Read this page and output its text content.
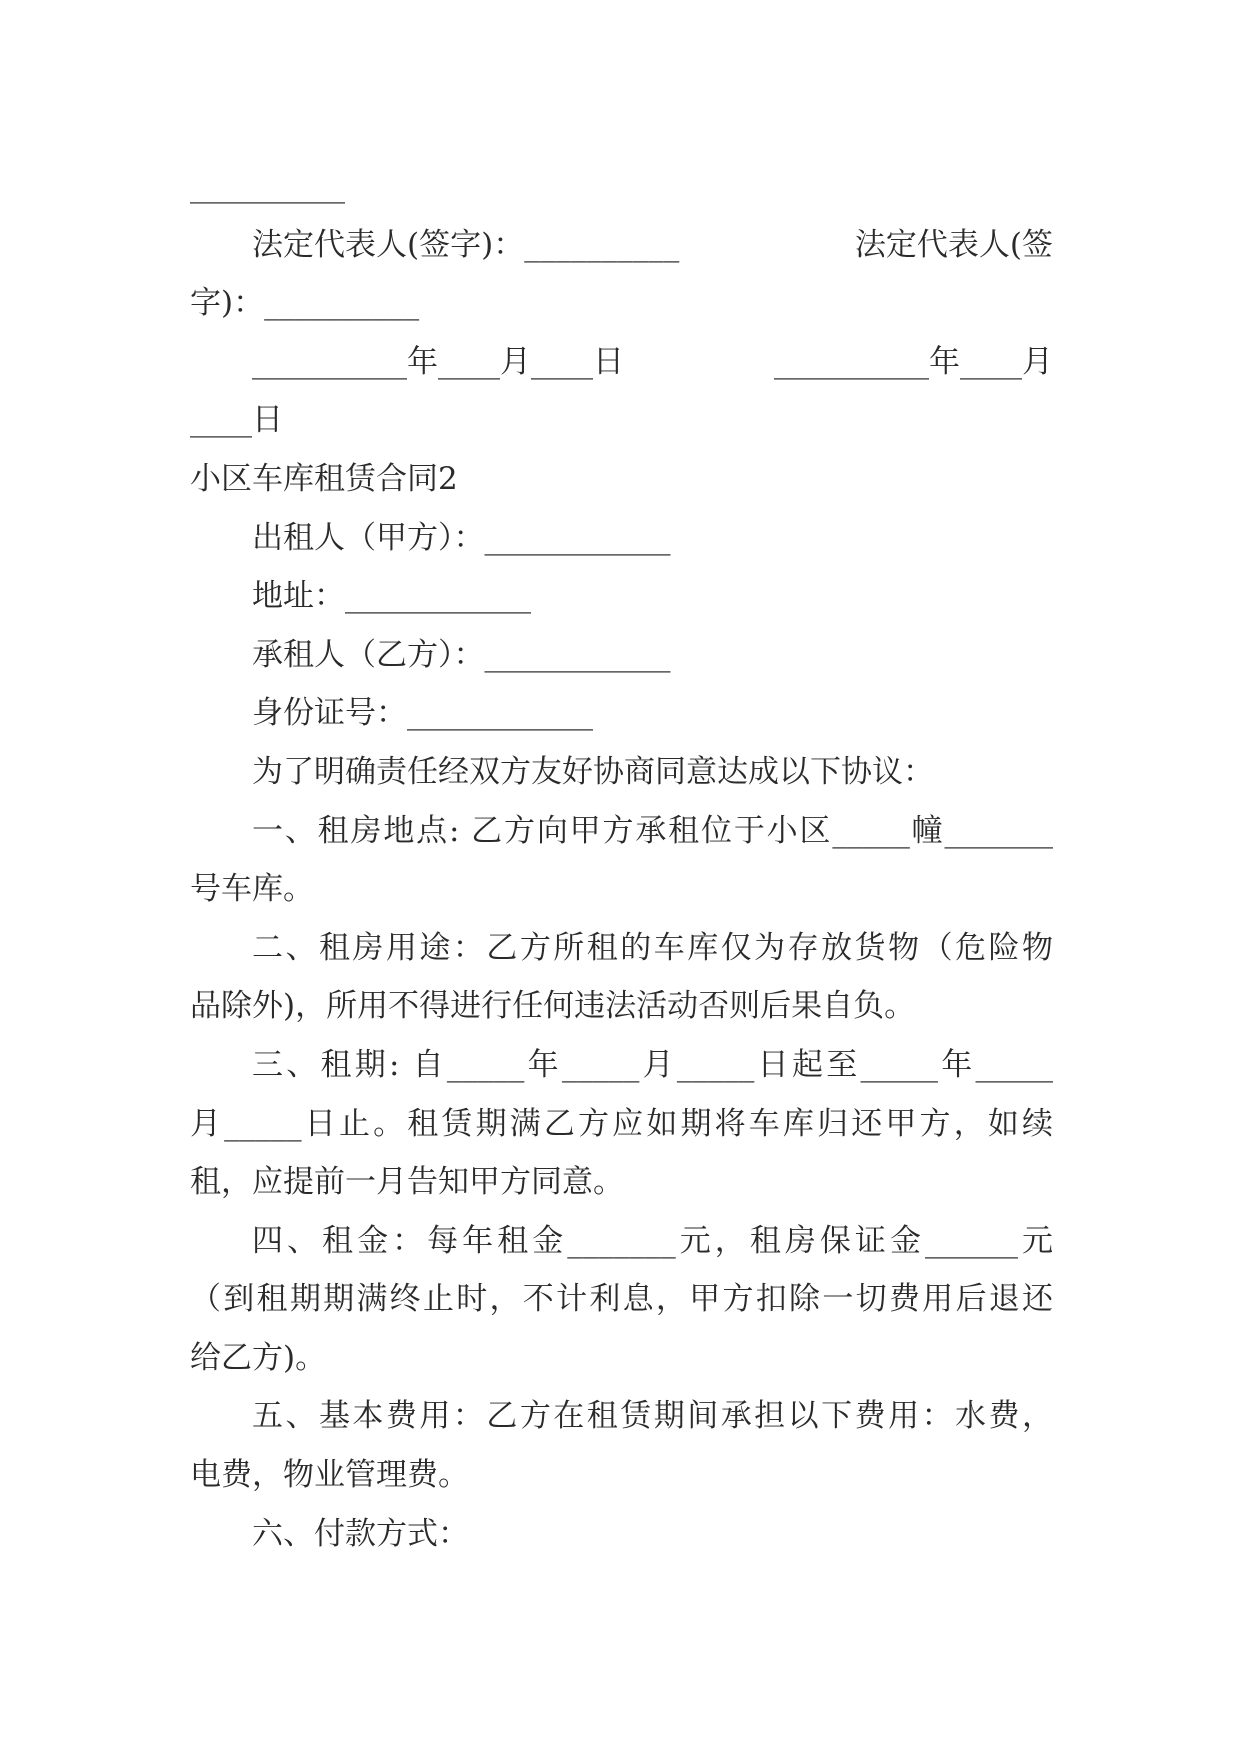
__________
法定代表人(签字)：__________	法定代表人(签
字)：__________
__________年____月____日	__________年____月
____日
小区车库租赁合同2
出租人（甲方）：____________
地址：____________
承租人（乙方）：____________
身份证号：____________
为了明确责任经双方友好协商同意达成以下协议：
一、租房地点: 乙方向甲方承租位于小区_____幢_______
号车库。
二、租房用途：乙方所租的车库仅为存放货物（危险物
品除外)，所用不得进行任何违法活动否则后果自负。
三、租期: 自_____年_____月_____日起至_____年_____
月_____日止。租赁期满乙方应如期将车库归还甲方，如续
租，应提前一月告知甲方同意。
四、租金：每年租金_______元，租房保证金______元
（到租期期满终止时，不计利息，甲方扣除一切费用后退还
给乙方)。
五、基本费用：乙方在租赁期间承担以下费用：水费，
电费，物业管理费。
六、付款方式：
